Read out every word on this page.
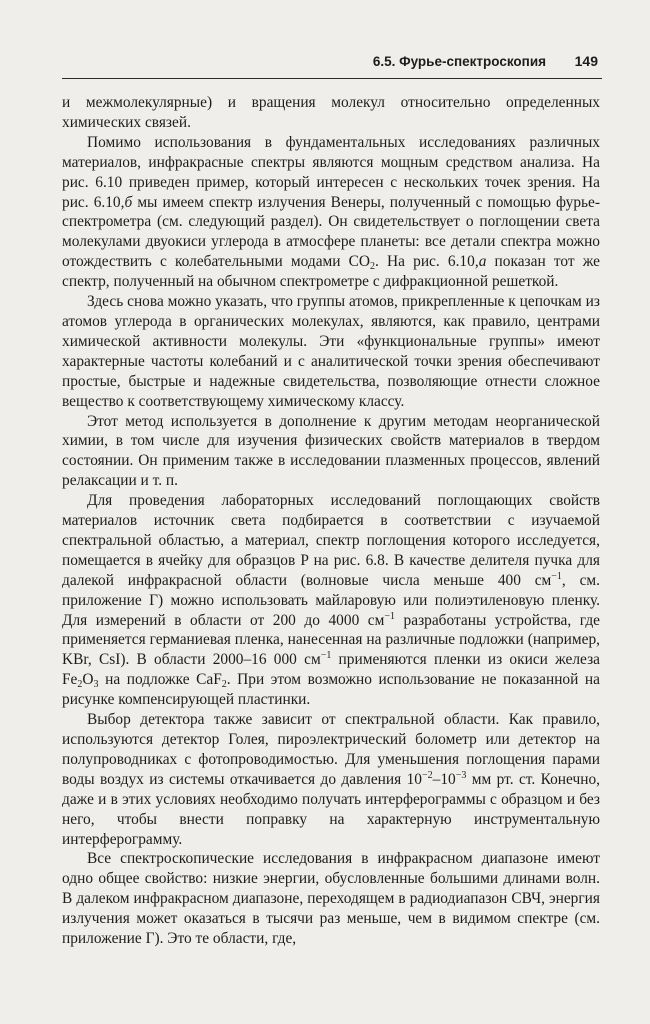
6.5. Фурье-спектроскопия 149

и межмолекулярные) и вращения молекул относительно определенных химических связей.

Помимо использования в фундаментальных исследованиях различных материалов, инфракрасные спектры являются мощным средством анализа. На рис. 6.10 приведен пример, который интересен с нескольких точек зрения. На рис. 6.10,б мы имеем спектр излучения Венеры, полученный с помощью фурье-спектрометра (см. следующий раздел). Он свидетельствует о поглощении света молекулами двуокиси углерода в атмосфере планеты: все детали спектра можно отождествить с колебательными модами $CO_2$. На рис. 6.10,а показан тот же спектр, полученный на обычном спектрометре с дифракционной решеткой.

Здесь снова можно указать, что группы атомов, прикрепленные к цепочкам из атомов углерода в органических молекулах, являются, как правило, центрами химической активности молекулы. Эти «функциональные группы» имеют характерные частоты колебаний и с аналитической точки зрения обеспечивают простые, быстрые и надежные свидетельства, позволяющие отнести сложное вещество к соответствующему химическому классу.

Этот метод используется в дополнение к другим методам неорганической химии, в том числе для изучения физических свойств материалов в твердом состоянии. Он применим также в исследовании плазменных процессов, явлений релаксации и т. п.

Для проведения лабораторных исследований поглощающих свойств материалов источник света подбирается в соответствии с изучаемой спектральной областью, а материал, спектр поглощения которого исследуется, помещается в ячейку для образцов P на рис. 6.8. В качестве делителя пучка для далекой инфракрасной области (волновые числа меньше 400 $см^{-1}$, см. приложение Г) можно использовать майларовую или полиэтиленовую пленку. Для измерений в области от 200 до 4000 $см^{-1}$ разработаны устройства, где применяется германиевая пленка, нанесенная на различные подложки (например, KBr, CsI). В области 2000–16 000 $см^{-1}$ применяются пленки из окиси железа $Fe_2O_3$ на подложке CaF$_2$. При этом возможно использование не показанной на рисунке компенсирующей пластинки.

Выбор детектора также зависит от спектральной области. Как правило, используются детектор Голея, пироэлектрический болометр или детектор на полупроводниках с фотопроводимостью. Для уменьшения поглощения парами воды воздух из системы откачивается до давления $10^{-2}-10^{-3}$ мм рт. ст. Конечно, даже и в этих условиях необходимо получать интерферограммы с образцом и без него, чтобы внести поправку на характерную инструментальную интерферограмму.

Все спектроскопические исследования в инфракрасном диапазоне имеют одно общее свойство: низкие энергии, обусловленные большими длинами волн. В далеком инфракрасном диапазоне, переходящем в радиодиапазон СВЧ, энергия излучения может оказаться в тысячи раз меньше, чем в видимом спектре (см. приложение Г). Это те области, где,
